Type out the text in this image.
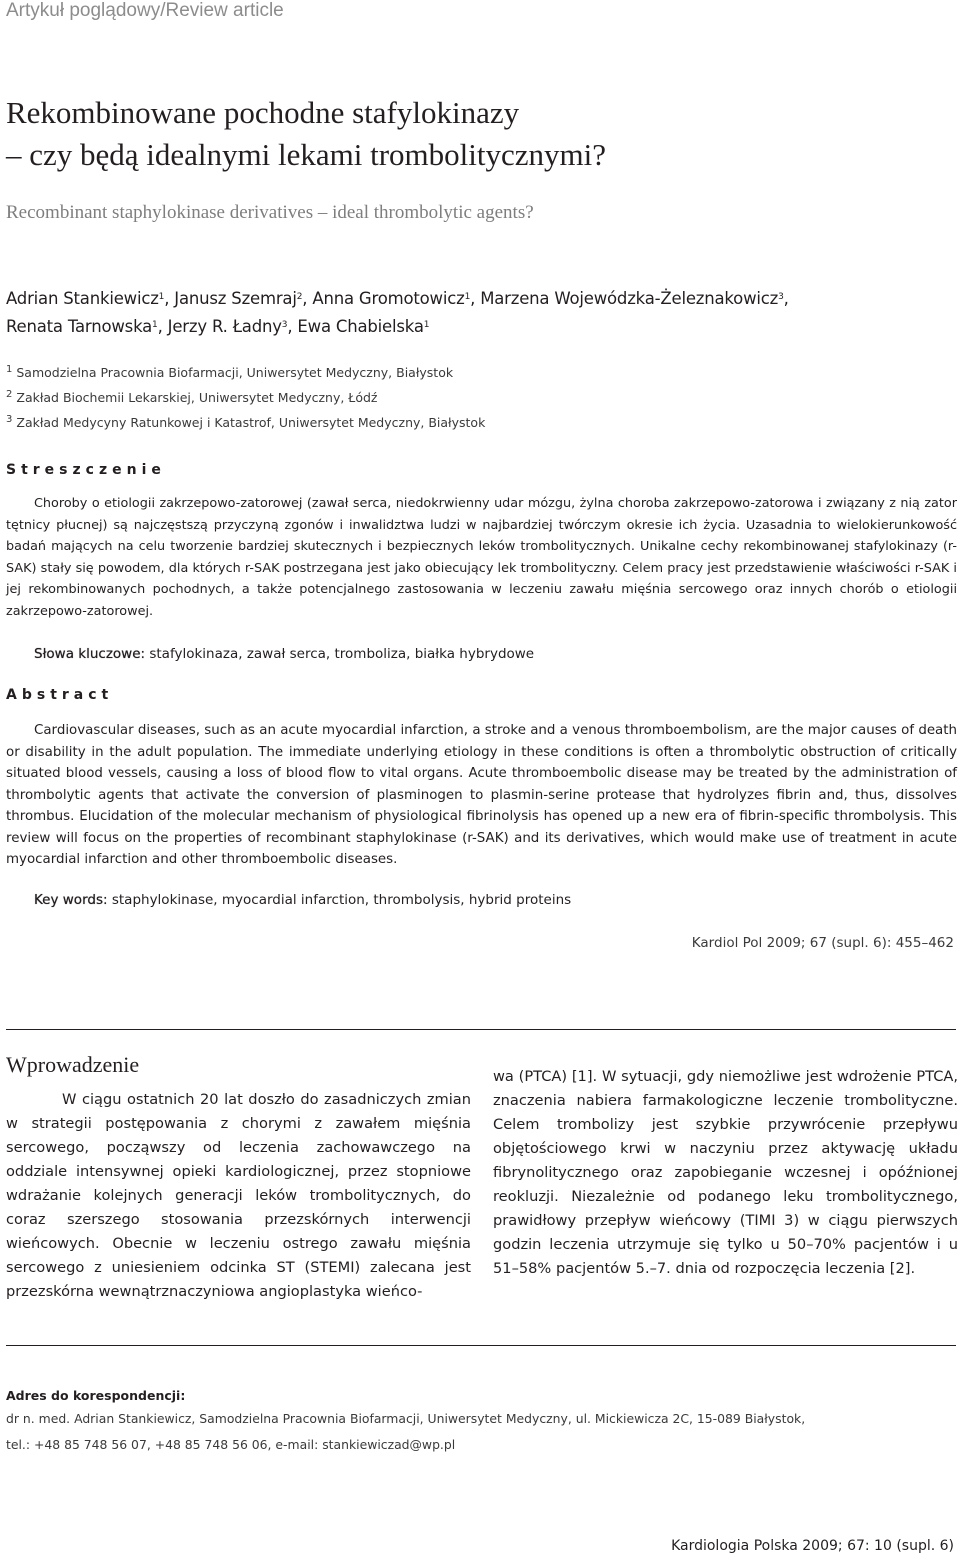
Artykuł poglądowy/Review article
Rekombinowane pochodne stafylokinazy
– czy będą idealnymi lekami trombolitycznymi?
Recombinant staphylokinase derivatives – ideal thrombolytic agents?
Adrian Stankiewicz$^1$, Janusz Szemraj$^2$, Anna Gromotowicz$^1$, Marzena Wojewódzka-Żeleznakowicz$^3$,
Renata Tarnowska$^1$, Jerzy R. Ładny$^3$, Ewa Chabielska$^1$
$^1$ Samodzielna Pracownia Biofarmacji, Uniwersytet Medyczny, Białystok
$^2$ Zakład Biochemii Lekarskiej, Uniwersytet Medyczny, Łódź
$^3$ Zakład Medycyny Ratunkowej i Katastrof, Uniwersytet Medyczny, Białystok
Streszczenie
Choroby o etiologii zakrzepowo-zatorowej (zawał serca, niedokrwienny udar mózgu, żylna choroba zakrzepowo-zatorowa i związany z nią zator tętnicy płucnej) są najczęstszą przyczyną zgonów i inwalidztwa ludzi w najbardziej twórczym okresie ich życia. Uzasadnia to wielokierunkowość badań mających na celu tworzenie bardziej skutecznych i bezpiecznych leków trombolitycznych. Unikalne cechy rekombinowanej stafylokinazy (r-SAK) stały się powodem, dla których r-SAK postrzegana jest jako obiecujący lek trombolityczny. Celem pracy jest przedstawienie właściwości r-SAK i jej rekombinowanych pochodnych, a także potencjalnego zastosowania w leczeniu zawału mięśnia sercowego oraz innych chorób o etiologii zakrzepowo-zatorowej.
Słowa kluczowe: stafylokinaza, zawał serca, tromboliza, białka hybrydowe
Abstract
Cardiovascular diseases, such as an acute myocardial infarction, a stroke and a venous thromboembolism, are the major causes of death or disability in the adult population. The immediate underlying etiology in these conditions is often a thrombolytic obstruction of critically situated blood vessels, causing a loss of blood flow to vital organs. Acute thromboembolic disease may be treated by the administration of thrombolytic agents that activate the conversion of plasminogen to plasmin-serine protease that hydrolyzes fibrin and, thus, dissolves thrombus. Elucidation of the molecular mechanism of physiological fibrinolysis has opened up a new era of fibrin-specific thrombolysis. This review will focus on the properties of recombinant staphylokinase (r-SAK) and its derivatives, which would make use of treatment in acute myocardial infarction and other thromboembolic diseases.
Key words: staphylokinase, myocardial infarction, thrombolysis, hybrid proteins
Kardiol Pol 2009; 67 (supl. 6): 455–462
Wprowadzenie
W ciągu ostatnich 20 lat doszło do zasadniczych zmian w strategii postępowania z chorymi z zawałem mięśnia sercowego, począwszy od leczenia zachowawczego na oddziale intensywnej opieki kardiologicznej, przez stopniowe wdrażanie kolejnych generacji leków trombolitycznych, do coraz szerszego stosowania przezskórnych interwencji wieńcowych. Obecnie w leczeniu ostrego zawału mięśnia sercowego z uniesieniem odcinka ST (STEMI) zalecana jest przezskórna wewnątrznaczyniowa angioplastyka wieńco-
wa (PTCA) [1]. W sytuacji, gdy niemożliwe jest wdrożenie PTCA, znaczenia nabiera farmakologiczne leczenie trombolityczne. Celem trombolizy jest szybkie przywrócenie przepływu objętościowego krwi w naczyniu przez aktywację układu fibrynolitycznego oraz zapobieganie wczesnej i opóźnionej reokluzji. Niezależnie od podanego leku trombolitycznego, prawidłowy przepływ wieńcowy (TIMI 3) w ciągu pierwszych godzin leczenia utrzymuje się tylko u 50–70% pacjentów i u 51–58% pacjentów 5.–7. dnia od rozpoczęcia leczenia [2].
Adres do korespondencji:
dr n. med. Adrian Stankiewicz, Samodzielna Pracownia Biofarmacji, Uniwersytet Medyczny, ul. Mickiewicza 2C, 15-089 Białystok,
tel.: +48 85 748 56 07, +48 85 748 56 06, e-mail: stankiewiczad@wp.pl
Kardiologia Polska 2009; 67: 10 (supl. 6)
